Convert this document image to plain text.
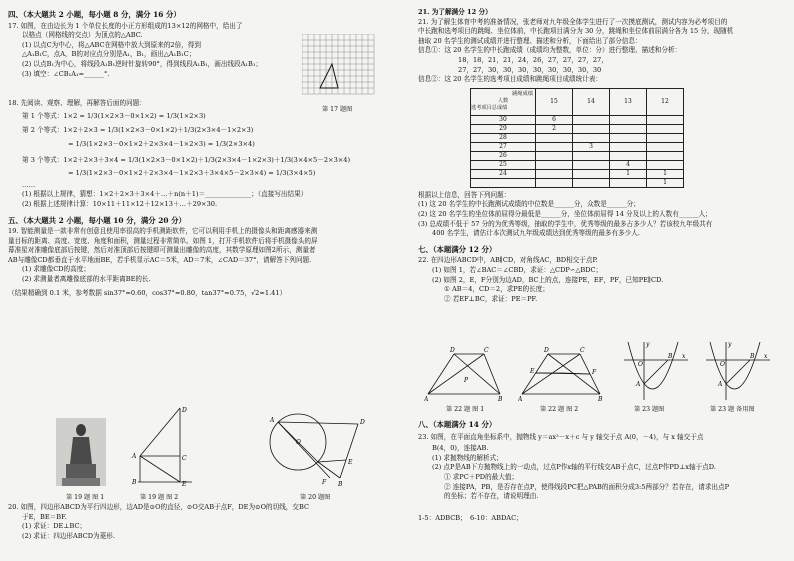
四、（本大题共 2 小题，每小题 8 分，满分 16 分）
17. 如图，在由边长为 1 个单位长度的小正方形组成的13×12的网格中，给出了
以格点（网格线的交点）为顶点的△ABC.
(1) 以点C为中心，将△ABC在网格中放大到原来的2倍，得到
△A₁B₁C，点A，B的对应点分别是A₁，B₁，画出△A₁B₁C；
(2) 以点B₁为中心，将线段A₁B₁逆时针旋转90°，得到线段A₁B₁，画出线段A₁B₁；
(3) 填空：∠CB₁A₁=______°.
18. 先阅读、观察、理解，再解答后面的问题：
第 1 个等式：1×2 = 1/3(1×2×3－0×1×2) = 1/3(1×2×3)
第 2 个等式：1×2＋2×3 = 1/3(1×2×3－0×1×2)＋1/3(2×3×4－1×2×3)
= 1/3(1×2×3－0×1×2＋2×3×4－1×2×3) = 1/3(2×3×4)
第 3 个等式：1×2＋2×3＋3×4 = 1/3(1×2×3－0×1×2)＋1/3(2×3×4－1×2×3)＋1/3(3×4×5－2×3×4)
= 1/3(1×2×3－0×1×2＋2×3×4－1×2×3＋3×4×5－2×3×4) = 1/3(3×4×5)
……
(1) 根据以上规律，猜想：1×2＋2×3＋3×4＋…＋n(n＋1)＝______________；（直接写出结果）
(2) 根据上述规律计算：10×11＋11×12＋12×13＋…＋29×30.
五、（本大题共 2 小题，每小题 10 分，满分 20 分）
19. 智能测量是一款非常有创意且使用率很高的手机测距软件，它可以利用手机上的摄像头和距离感器来测
量目标的距离、高度、宽度、角度和面积，测量过程非常简单。如图 1，打开手机软件后将手机摄像头的屏
幕准星对准雕像底部后按键，然后对准顶部后按键即可测量出雕像的高度，其数学原理如图2所示，测量者
AB与雕像CD都垂直于水平地面BE，若手机显示AC＝5米，AD＝7米，∠CAD＝37°，请解答下列问题.
(1) 求雕像CD的高度；
(2) 求测量者离雕像底部的水平距离BE的长.
（结果精确到 0.1 米，参考数据 sin37°≈0.60，cos37°≈0.80，tan37°≈0.75，√2≈1.41）
第 17 题图
第 19 题 图 1
D
A
B	E
C
第 19 题 图 2
A	D
O
F B
E
第 20 题图
20. 如图，四边形ABCD为平行四边形，边AD是⊙O的直径，⊙O交AB于点F，DE为⊙O的切线，交BC
于E，BE＝BF.
(1) 求证：DE⊥BC；
(2) 求证：四边形ABCD为菱形.
21. 为了解满分 12 分）
21. 为了解生体育中考的准备情况，张老师对九年级全体学生进行了一次摸底测试，测试内容为必考项目的
中长跑和选考项目的跳绳、坐位体前，中长跑项目满分为 30 分，跳绳和坐位体前屈满分各为 15 分，现随机
抽取 20 名学生的测试成绩并进行整理、描述和分析，下面给出了部分信息：
信息①：这 20 名学生的中长跑成绩（成绩均为整数，单位：分）进行整理、描述和分析：
18，18，21，21，24，26，27，27，27，27，
27，27，30，30，30，30，30，30，30，30
信息②：这 20 名学生的选考项目成绩和跳绳项目成绩统计表：
跳绳成绩
人数
选考项目总成绩	15	14	13	12
30	6			
29	2			
28				
27		3		
26				
25			4	
24			1	1
				1
根据以上信息，回答下列问题：
(1) 这 20 名学生的中长跑测试成绩的中位数是______分，众数是______分；
(2) 这 20 名学生的坐位体前屈得分最低是______分，坐位体前屈得 14 分及以上的人数有______人；
(3) 总成绩不低于 57 分的为优秀等级，抽取的学生中，优秀等级的最多占多少人？若该校九年级共有
400 名学生，请估计本次测试九年级成绩达到优秀等级的最多有多少人.
七、（本题满分 12 分）
22. 在四边形ABCD中，AB∥CD，对角线AC，BD相交于点P.
(1) 如图 1，若∠BAC＝∠CBD，求证：△CDP∽△BDC；
(2) 如图 2，E，F分别为边AD，BC上的点，连接PE，EF，PF，已知PE∥CD.
① AB＝4，CD＝2，求PE的长度；
② 若EF⊥BC，求证：PE＝PF.
D	C
A	B
P
第 22 题 图 1
D	C
A	B
E	F
第 22 题 图 2
x
y
O
B
A
第 23 题图
x
y
O
B
A
第 23 题 备用图
八、（本题满分 14 分）
23. 如图，在平面直角坐标系中，抛物线 y＝ax²－x＋c 与 y 轴交于点 A(0，－4)，与 x 轴交于点
B(4，0)，连接AB.
(1) 求抛物线的解析式；
(2) 点P是AB下方抛物线上的一动点，过点P作x轴的平行线交AB于点C，过点P作PD⊥x轴于点D.
① 求PC＋PD的最大值；
② 连接PA，PB，是否存在点P，使得线段PC把△PAB的面积分成3:5两部分？若存在，请求出点P
的坐标；若不存在，请说明理由.
1-5：ADBCB；　6-10：ABDAC；
